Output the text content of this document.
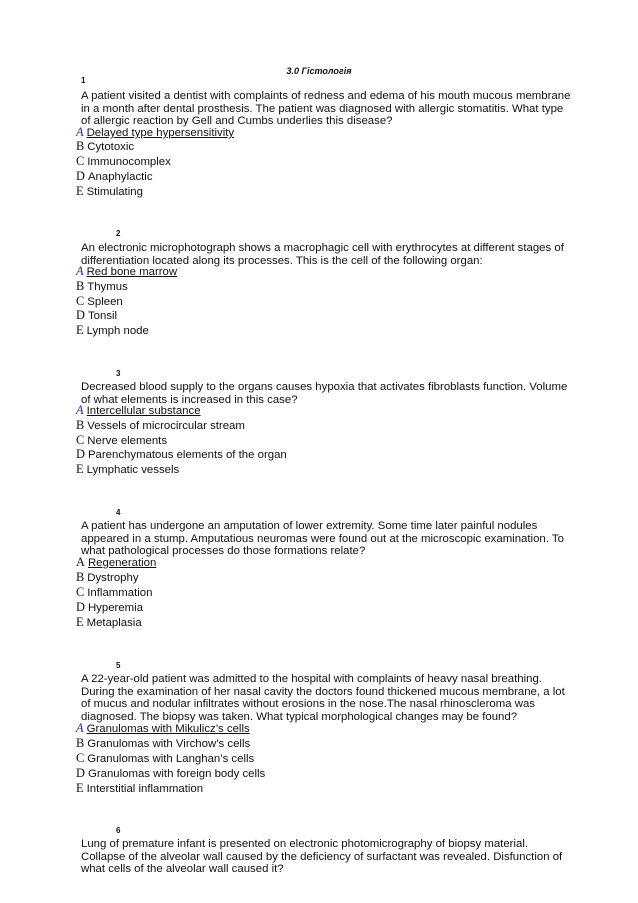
3.0 Гістологія
1
A patient visited a dentist with complaints of redness and edema of his mouth mucous membrane in a month after dental prosthesis. The patient was diagnosed with allergic stomatitis. What type of allergic reaction by Gell and Cumbs underlies this disease?
A Delayed type hypersensitivity
B Cytotoxic
C Immunocomplex
D Anaphylactic
E Stimulating
2
An electronic microphotograph shows a macrophagic cell with erythrocytes at different stages of differentiation located along its processes. This is the cell of the following organ:
A Red bone marrow
B Thymus
C Spleen
D Tonsil
E Lymph node
3
Decreased blood supply to the organs causes hypoxia that activates fibroblasts function. Volume of what elements is increased in this case?
A Intercellular substance
B Vessels of microcircular stream
C Nerve elements
D Parenchymatous elements of the organ
E Lymphatic vessels
4
A patient has undergone an amputation of lower extremity. Some time later painful nodules appeared in a stump. Amputatious neuromas were found out at the microscopic examination. To what pathological processes do those formations relate?
A Regeneration
B Dystrophy
C Inflammation
D Hyperemia
E Metaplasia
5
A 22-year-old patient was admitted to the hospital with complaints of heavy nasal breathing. During the examination of her nasal cavity the doctors found thickened mucous membrane, a lot of mucus and nodular infiltrates without erosions in the nose.The nasal rhinoscleroma was diagnosed. The biopsy was taken. What typical morphological changes may be found?
A Granulomas with Mikulicz’s cells
B Granulomas with Virchow’s cells
C Granulomas with Langhan’s cells
D Granulomas with foreign body cells
E Interstitial inflammation
6
Lung of premature infant is presented on electronic photomicrography of biopsy material. Collapse of the alveolar wall caused by the deficiency of surfactant was revealed. Disfunction of what cells of the alveolar wall caused it?
